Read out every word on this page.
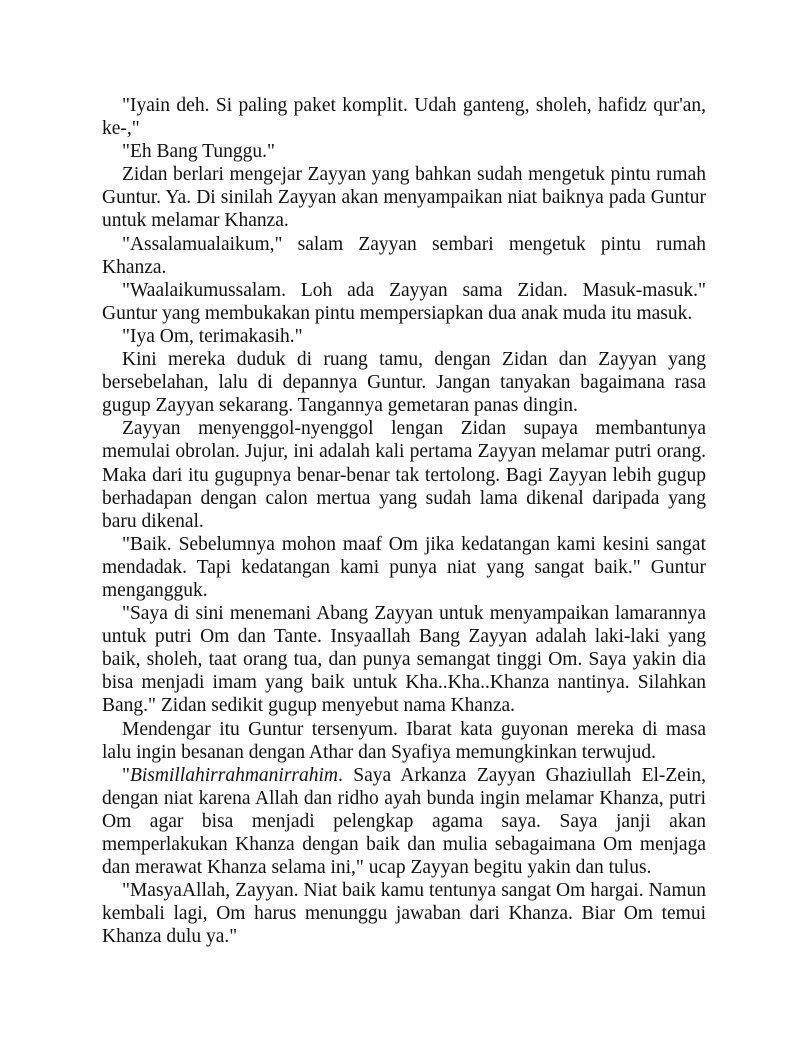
"Iyain deh. Si paling paket komplit. Udah ganteng, sholeh, hafidz qur'an, ke-,"

"Eh Bang Tunggu."

Zidan berlari mengejar Zayyan yang bahkan sudah mengetuk pintu rumah Guntur. Ya. Di sinilah Zayyan akan menyampaikan niat baiknya pada Guntur untuk melamar Khanza.

"Assalamualaikum," salam Zayyan sembari mengetuk pintu rumah Khanza.

"Waalaikumussalam. Loh ada Zayyan sama Zidan. Masuk-masuk." Guntur yang membukakan pintu mempersiapkan dua anak muda itu masuk.

"Iya Om, terimakasih."

Kini mereka duduk di ruang tamu, dengan Zidan dan Zayyan yang bersebelahan, lalu di depannya Guntur. Jangan tanyakan bagaimana rasa gugup Zayyan sekarang. Tangannya gemetaran panas dingin.

Zayyan menyenggol-nyenggol lengan Zidan supaya membantunya memulai obrolan. Jujur, ini adalah kali pertama Zayyan melamar putri orang. Maka dari itu gugupnya benar-benar tak tertolong. Bagi Zayyan lebih gugup berhadapan dengan calon mertua yang sudah lama dikenal daripada yang baru dikenal.

"Baik. Sebelumnya mohon maaf Om jika kedatangan kami kesini sangat mendadak. Tapi kedatangan kami punya niat yang sangat baik." Guntur mengangguk.

"Saya di sini menemani Abang Zayyan untuk menyampaikan lamarannya untuk putri Om dan Tante. Insyaallah Bang Zayyan adalah laki-laki yang baik, sholeh, taat orang tua, dan punya semangat tinggi Om. Saya yakin dia bisa menjadi imam yang baik untuk Kha..Kha..Khanza nantinya. Silahkan Bang." Zidan sedikit gugup menyebut nama Khanza.

Mendengar itu Guntur tersenyum. Ibarat kata guyonan mereka di masa lalu ingin besanan dengan Athar dan Syafiya memungkinkan terwujud.

"Bismillahirrahmanirrahim. Saya Arkanza Zayyan Ghaziullah El-Zein, dengan niat karena Allah dan ridho ayah bunda ingin melamar Khanza, putri Om agar bisa menjadi pelengkap agama saya. Saya janji akan memperlakukan Khanza dengan baik dan mulia sebagaimana Om menjaga dan merawat Khanza selama ini," ucap Zayyan begitu yakin dan tulus.

"MasyaAllah, Zayyan. Niat baik kamu tentunya sangat Om hargai. Namun kembali lagi, Om harus menunggu jawaban dari Khanza. Biar Om temui Khanza dulu ya."
